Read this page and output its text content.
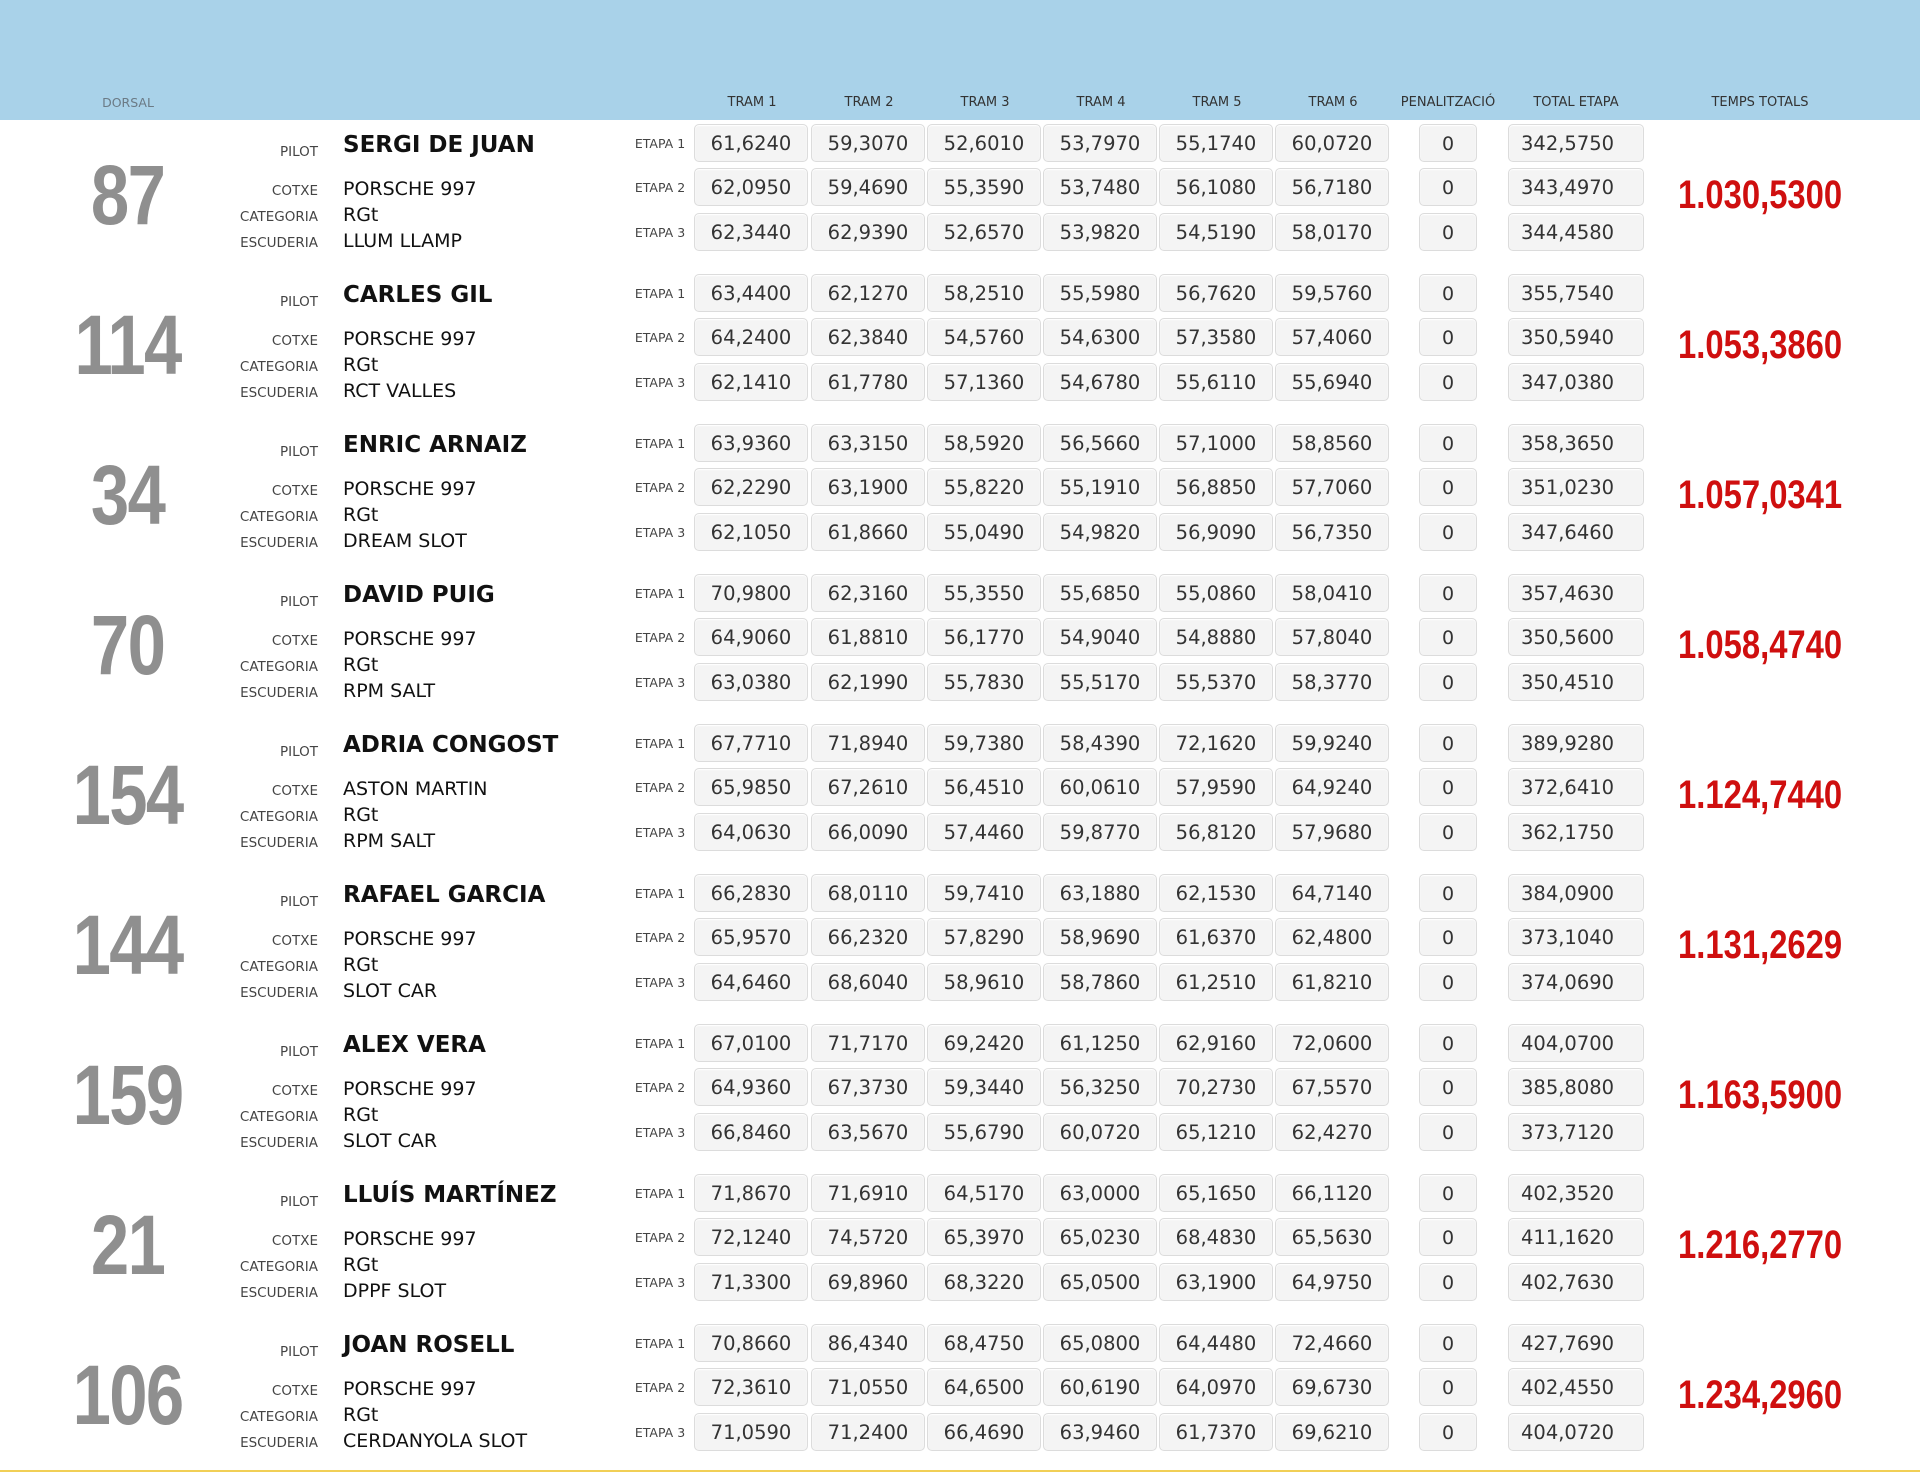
DORSAL	TRAM 1	TRAM 2	TRAM 3	TRAM 4	TRAM 5	TRAM 6	PENALITZACIÓ	TOTAL ETAPA	TEMPS TOTALS
87	PILOT SERGI DE JUAN
COTXE PORSCHE 997
CATEGORIA RGt
ESCUDERIA LLUM LLAMP
ETAPA 1	61,6240	59,3070	52,6010	53,7970	55,1740	60,0720	0	342,5750
ETAPA 2	62,0950	59,4690	55,3590	53,7480	56,1080	56,7180	0	343,4970
ETAPA 3	62,3440	62,9390	52,6570	53,9820	54,5190	58,0170	0	344,4580
1.030,5300
114	PILOT CARLES GIL
COTXE PORSCHE 997
CATEGORIA RGt
ESCUDERIA RCT VALLES
ETAPA 1	63,4400	62,1270	58,2510	55,5980	56,7620	59,5760	0	355,7540
ETAPA 2	64,2400	62,3840	54,5760	54,6300	57,3580	57,4060	0	350,5940
ETAPA 3	62,1410	61,7780	57,1360	54,6780	55,6110	55,6940	0	347,0380
1.053,3860
34	PILOT ENRIC ARNAIZ
COTXE PORSCHE 997
CATEGORIA RGt
ESCUDERIA DREAM SLOT
ETAPA 1	63,9360	63,3150	58,5920	56,5660	57,1000	58,8560	0	358,3650
ETAPA 2	62,2290	63,1900	55,8220	55,1910	56,8850	57,7060	0	351,0230
ETAPA 3	62,1050	61,8660	55,0490	54,9820	56,9090	56,7350	0	347,6460
1.057,0341
70	PILOT DAVID PUIG
COTXE PORSCHE 997
CATEGORIA RGt
ESCUDERIA RPM SALT
ETAPA 1	70,9800	62,3160	55,3550	55,6850	55,0860	58,0410	0	357,4630
ETAPA 2	64,9060	61,8810	56,1770	54,9040	54,8880	57,8040	0	350,5600
ETAPA 3	63,0380	62,1990	55,7830	55,5170	55,5370	58,3770	0	350,4510
1.058,4740
154	PILOT ADRIA CONGOST
COTXE ASTON MARTIN
CATEGORIA RGt
ESCUDERIA RPM SALT
ETAPA 1	67,7710	71,8940	59,7380	58,4390	72,1620	59,9240	0	389,9280
ETAPA 2	65,9850	67,2610	56,4510	60,0610	57,9590	64,9240	0	372,6410
ETAPA 3	64,0630	66,0090	57,4460	59,8770	56,8120	57,9680	0	362,1750
1.124,7440
144	PILOT RAFAEL GARCIA
COTXE PORSCHE 997
CATEGORIA RGt
ESCUDERIA SLOT CAR
ETAPA 1	66,2830	68,0110	59,7410	63,1880	62,1530	64,7140	0	384,0900
ETAPA 2	65,9570	66,2320	57,8290	58,9690	61,6370	62,4800	0	373,1040
ETAPA 3	64,6460	68,6040	58,9610	58,7860	61,2510	61,8210	0	374,0690
1.131,2629
159	PILOT ALEX VERA
COTXE PORSCHE 997
CATEGORIA RGt
ESCUDERIA SLOT CAR
ETAPA 1	67,0100	71,7170	69,2420	61,1250	62,9160	72,0600	0	404,0700
ETAPA 2	64,9360	67,3730	59,3440	56,3250	70,2730	67,5570	0	385,8080
ETAPA 3	66,8460	63,5670	55,6790	60,0720	65,1210	62,4270	0	373,7120
1.163,5900
21	PILOT LLUÍS MARTÍNEZ
COTXE PORSCHE 997
CATEGORIA RGt
ESCUDERIA DPPF SLOT
ETAPA 1	71,8670	71,6910	64,5170	63,0000	65,1650	66,1120	0	402,3520
ETAPA 2	72,1240	74,5720	65,3970	65,0230	68,4830	65,5630	0	411,1620
ETAPA 3	71,3300	69,8960	68,3220	65,0500	63,1900	64,9750	0	402,7630
1.216,2770
106	PILOT JOAN ROSELL
COTXE PORSCHE 997
CATEGORIA RGt
ESCUDERIA CERDANYOLA SLOT
ETAPA 1	70,8660	86,4340	68,4750	65,0800	64,4480	72,4660	0	427,7690
ETAPA 2	72,3610	71,0550	64,6500	60,6190	64,0970	69,6730	0	402,4550
ETAPA 3	71,0590	71,2400	66,4690	63,9460	61,7370	69,6210	0	404,0720
1.234,2960
